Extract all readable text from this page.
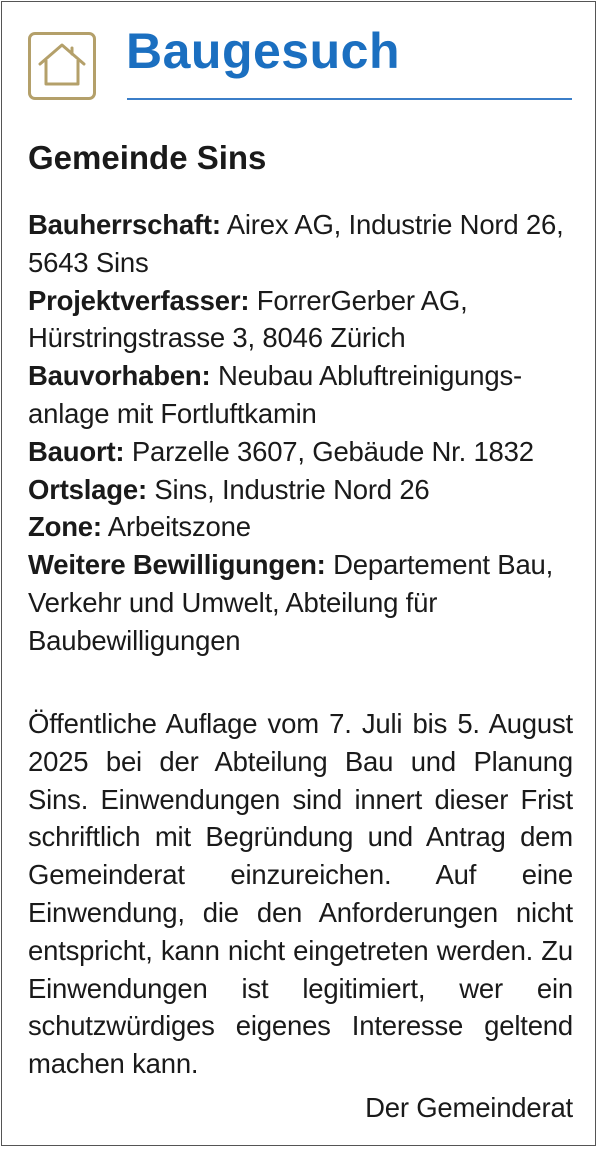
Baugesuch
Gemeinde Sins

Bauherrschaft: Airex AG, Industrie Nord 26, 5643 Sins

Projektverfasser: ForrerGerber AG, Hürstringstrasse 3, 8046 Zürich

Bauvorhaben: Neubau Abluftreinigungs-anlage mit Fortluftkamin

Bauort: Parzelle 3607, Gebäude Nr. 1832

Ortslage: Sins, Industrie Nord 26

Zone: Arbeitszone

Weitere Bewilligungen: Departement Bau, Verkehr und Umwelt, Abteilung für Baubewilligungen

Öffentliche Auflage vom 7. Juli bis 5. August 2025 bei der Abteilung Bau und Planung Sins. Einwendungen sind innert dieser Frist schriftlich mit Begründung und Antrag dem Gemeinderat einzureichen. Auf eine Einwendung, die den Anforderungen nicht entspricht, kann nicht eingetreten werden. Zu Einwendungen ist legitimiert, wer ein schutzwürdiges eigenes Interesse geltend machen kann.
Der Gemeinderat
